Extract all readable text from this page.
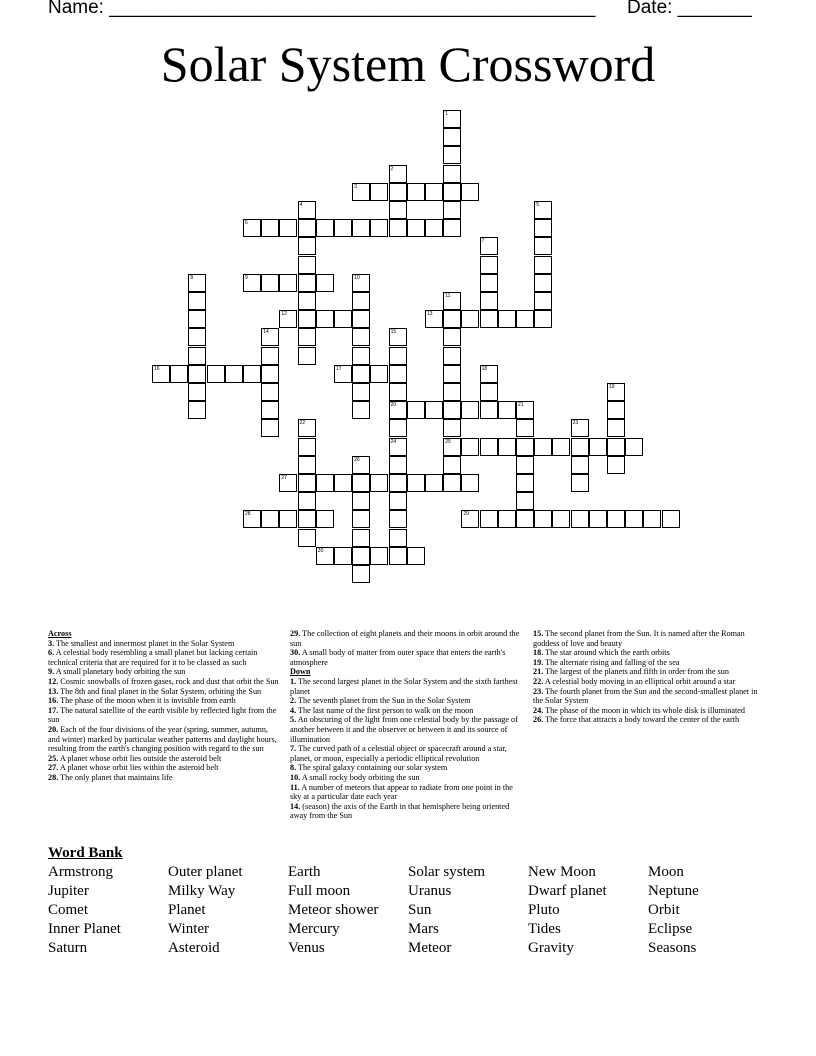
Name: ______________________________________________ Date: _______
Solar System Crossword
1
2
3
4	5
6
7
8	9	10
11
25
12	13
14	15
20
24
16	17	18
19
21
22	23
26
27
28	29
30

Across

3. The smallest and innermost planet in the Solar System

6. A celestial body resembling a small planet but lacking certain technical criteria that are required for it to be classed as such

9. A small planetary body orbiting the sun

12. Cosmic snowballs of frozen gases, rock and dust that orbit the Sun

13. The 8th and final planet in the Solar System, orbiting the Sun

16. The phase of the moon when it is invisible from earth

17. The natural satellite of the earth visible by reflected light from the sun

20. Each of the four divisions of the year (spring, summer, autumn, and winter) marked by particular weather patterns and daylight hours, resulting from the earth's changing position with regard to the sun

25. A planet whose orbit lies outside the asteroid belt

27. A planet whose orbit lies within the asteroid belt

28. The only planet that maintains life

29. The collection of eight planets and their moons in orbit around the sun

30. A small body of matter from outer space that enters the earth's atmosphere

Down

1. The second largest planet in the Solar System and the sixth farthest planet

2. The seventh planet from the Sun in the Solar System

4. The last name of the first person to walk on the moon

5. An obscuring of the light from one celestial body by the passage of another between it and the observer or between it and its source of illumination

7. The curved path of a celestial object or spacecraft around a star, planet, or moon, especially a periodic elliptical revolution

8. The spiral galaxy containing our solar system

10. A small rocky body orbiting the sun

11. A number of meteors that appear to radiate from one point in the sky at a particular date each year

14. (season) the axis of the Earth in that hemisphere being oriented away from the Sun

15. The second planet from the Sun. It is named after the Roman goddess of love and beauty

18. The star around which the earth orbits

19. The alternate rising and falling of the sea

21. The largest of the planets and fifth in order from the sun

22. A celestial body moving in an elliptical orbit around a star

23. The fourth planet from the Sun and the second-smallest planet in the Solar System

24. The phase of the moon in which its whole disk is illuminated

26. The force that attracts a body toward the center of the earth

Word Bank
Armstrong	Outer planet	Earth	Solar system	New Moon	Moon
Jupiter	Milky Way	Full moon	Uranus	Dwarf planet	Neptune
Comet	Planet	Meteor shower	Sun	Pluto	Orbit
Inner Planet	Winter	Mercury	Mars	Tides	Eclipse
Saturn	Asteroid	Venus	Meteor	Gravity	Seasons
